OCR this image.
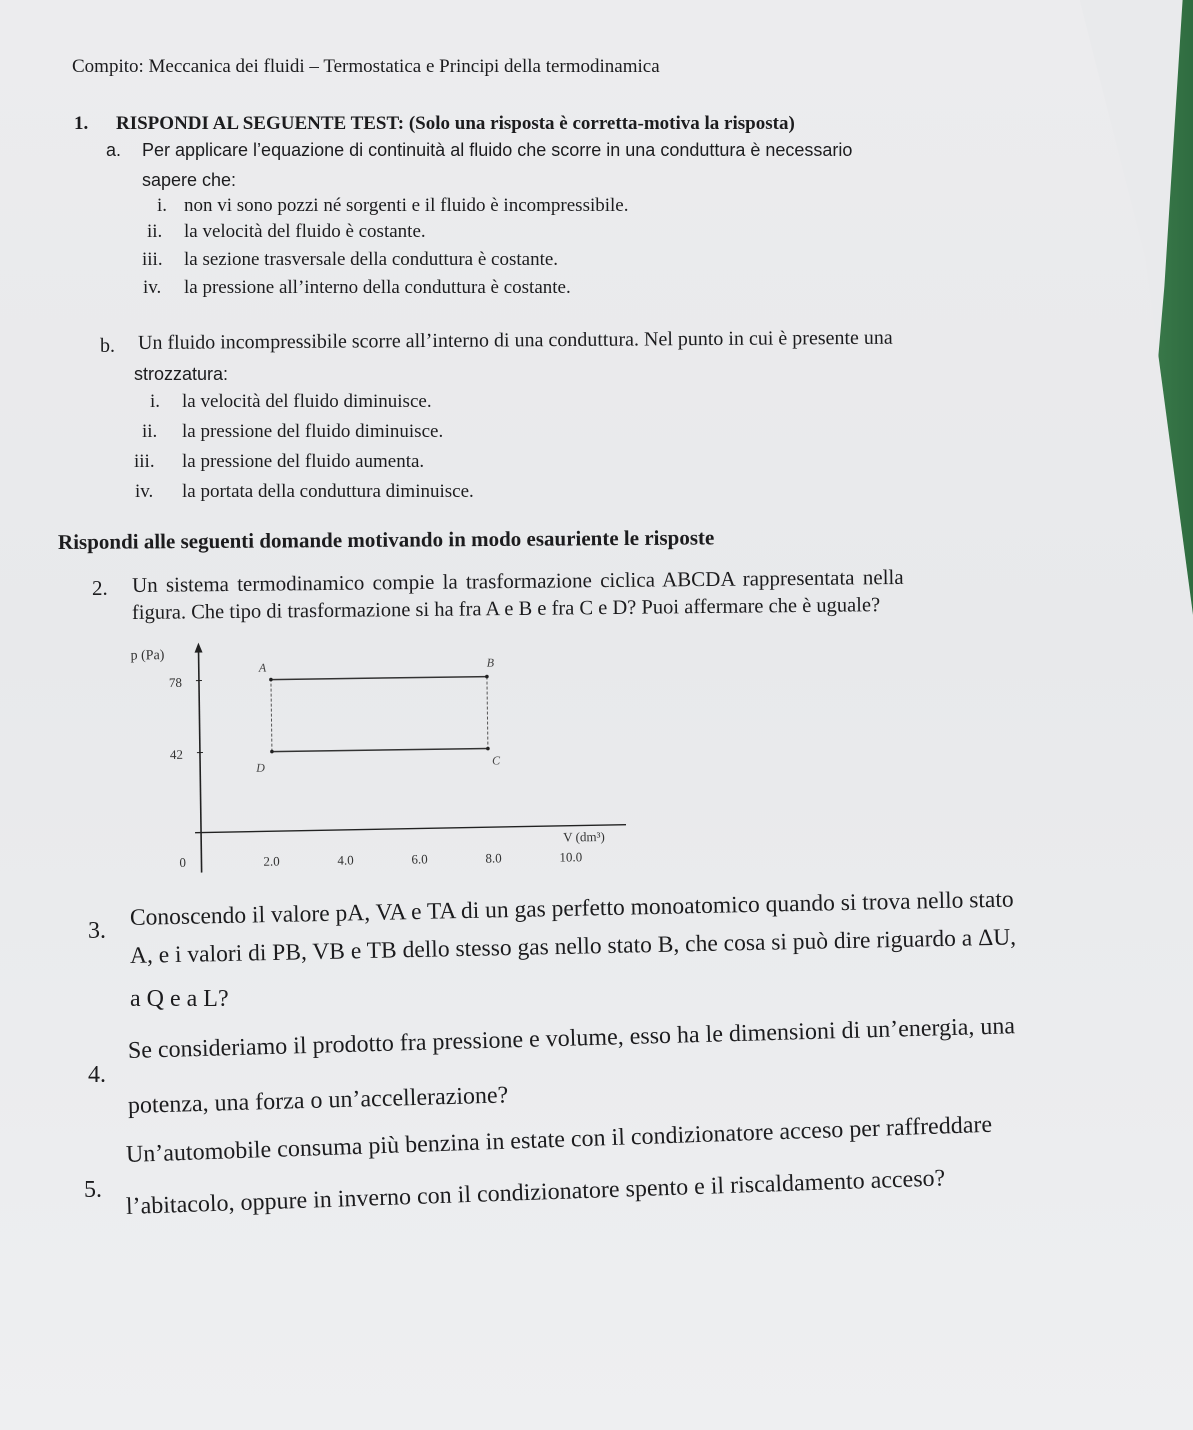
Compito: Meccanica dei fluidi – Termostatica e Principi della termodinamica
1. RISPONDI AL SEGUENTE TEST: (Solo una risposta è corretta-motiva la risposta)
a. Per applicare l’equazione di continuità al fluido che scorre in una conduttura è necessario
sapere che:
i. non vi sono pozzi né sorgenti e il fluido è incompressibile.
ii. la velocità del fluido è costante.
iii. la sezione trasversale della conduttura è costante.
iv. la pressione all’interno della conduttura è costante.
b. Un fluido incompressibile scorre all’interno di una conduttura. Nel punto in cui è presente una
strozzatura:
i. la velocità del fluido diminuisce.
ii. la pressione del fluido diminuisce.
iii. la pressione del fluido aumenta.
iv. la portata della conduttura diminuisce.
Rispondi alle seguenti domande motivando in modo esauriente le risposte
2. Un sistema termodinamico compie la trasformazione ciclica ABCDA rappresentata nella
figura. Che tipo di trasformazione si ha fra A e B e fra C e D? Puoi affermare che è uguale?
p (Pa)
V (dm³)
78
42
0	2.0	4.0	6.0	8.0	10.0
A	B
C
D
3.
Conoscendo il valore pA, VA e TA di un gas perfetto monoatomico quando si trova nello stato
A, e i valori di PB, VB e TB dello stesso gas nello stato B, che cosa si può dire riguardo a ΔU,
a Q e a L?
4.
Se consideriamo il prodotto fra pressione e volume, esso ha le dimensioni di un’energia, una
potenza, una forza o un’accellerazione?
5.
Un’automobile consuma più benzina in estate con il condizionatore acceso per raffreddare
l’abitacolo, oppure in inverno con il condizionatore spento e il riscaldamento acceso?
